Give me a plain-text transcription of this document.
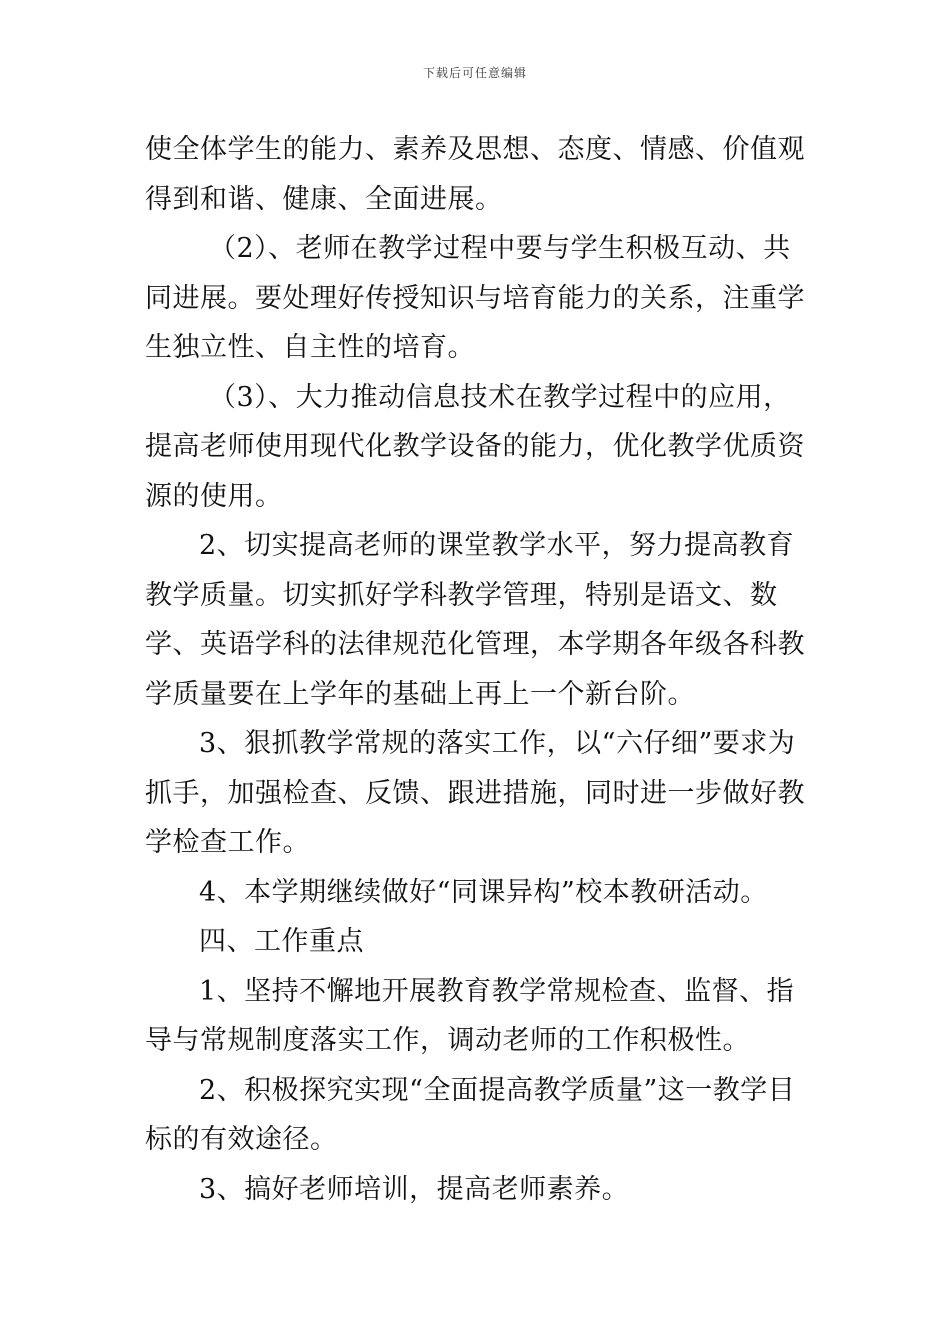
下载后可任意编辑

使全体学生的能力、素养及思想、态度、情感、价值观得到和谐、健康、全面进展。

（2）、老师在教学过程中要与学生积极互动、共同进展。要处理好传授知识与培育能力的关系，注重学生独立性、自主性的培育。

（3）、大力推动信息技术在教学过程中的应用，提高老师使用现代化教学设备的能力，优化教学优质资源的使用。

2、切实提高老师的课堂教学水平，努力提高教育教学质量。切实抓好学科教学管理，特别是语文、数学、英语学科的法律规范化管理，本学期各年级各科教学质量要在上学年的基础上再上一个新台阶。

3、狠抓教学常规的落实工作，以“六仔细”要求为抓手，加强检查、反馈、跟进措施，同时进一步做好教学检查工作。

4、本学期继续做好“同课异构”校本教研活动。

四、工作重点

1、坚持不懈地开展教育教学常规检查、监督、指导与常规制度落实工作，调动老师的工作积极性。

2、积极探究实现“全面提高教学质量”这一教学目标的有效途径。

3、搞好老师培训，提高老师素养。
